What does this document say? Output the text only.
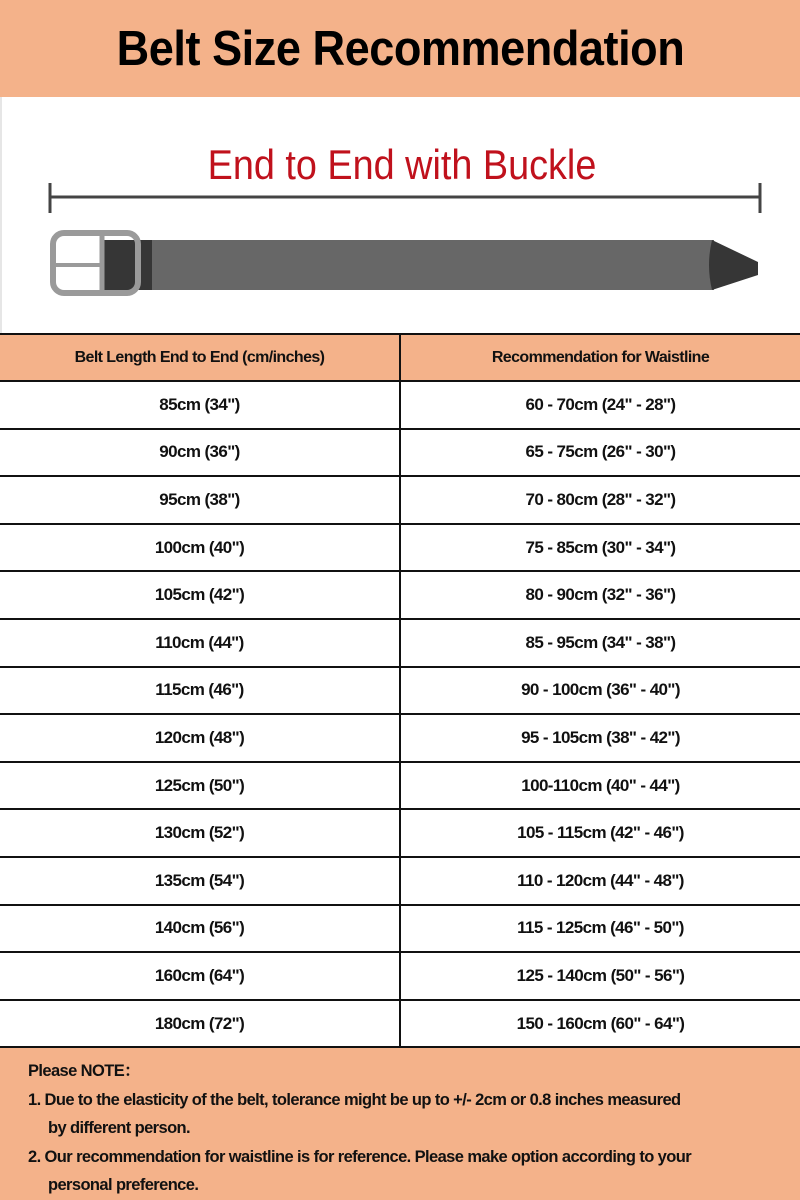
Belt Size Recommendation
End to End with Buckle
Belt Length End to End (cm/inches)	Recommendation for Waistline
85cm (34")	60 - 70cm (24" - 28")
90cm (36")	65 - 75cm (26" - 30")
95cm (38")	70 - 80cm (28" - 32")
100cm (40")	75 - 85cm (30" - 34")
105cm (42")	80 - 90cm (32" - 36")
110cm (44")	85 - 95cm (34" - 38")
115cm (46")	90 - 100cm (36" - 40")
120cm (48")	95 - 105cm (38" - 42")
125cm (50")	100-110cm (40" - 44")
130cm (52")	105 - 115cm (42" - 46")
135cm (54")	110 - 120cm (44" - 48")
140cm (56")	115 - 125cm (46" - 50")
160cm (64")	125 - 140cm (50" - 56")
180cm (72")	150 - 160cm (60" - 64")
Please NOTE：
1. Due to the elasticity of the belt, tolerance might be up to +/- 2cm or 0.8 inches measured
by different person.
2. Our recommendation for waistline is for reference. Please make option according to your
personal preference.
